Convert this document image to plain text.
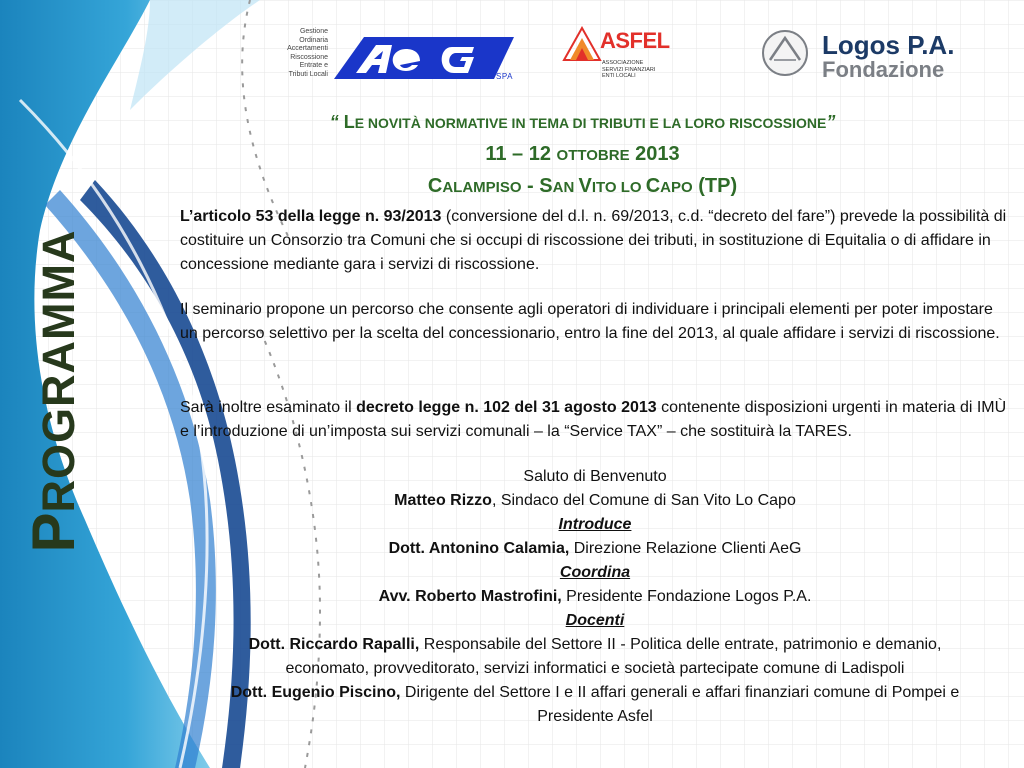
Gestione
Ordinaria
Accertamenti
Riscossione
Entrate e
Tributi Locali	SPA
ASFEL
ASSOCIAZIONE
SERVIZI FINANZIARI
ENTI LOCALI
Logos P.A.
Fondazione
PROGRAMMA
“ LE NOVITÀ NORMATIVE IN TEMA DI TRIBUTI E LA LORO RISCOSSIONE”
11 – 12 OTTOBRE 2013
CALAMPISO - SAN VITO LO CAPO (TP)
L’articolo 53 della legge n. 93/2013 (conversione del d.l. n. 69/2013, c.d. “decreto del fare”) prevede la possibilità di costituire un Consorzio tra Comuni che si occupi di riscossione dei tributi, in sostituzione di Equitalia o di affidare in concessione mediante gara i servizi di riscossione.
Il seminario propone un percorso che consente agli operatori di individuare i principali elementi per poter impostare un percorso selettivo per la scelta del concessionario, entro la fine del 2013, al quale affidare i servizi di riscossione.
Sarà inoltre esaminato il decreto legge n. 102 del 31 agosto 2013 contenente disposizioni urgenti in materia di IMÙ e l’introduzione di un’imposta sui servizi comunali – la “Service TAX” – che sostituirà la TARES.
Saluto di Benvenuto
Matteo Rizzo, Sindaco del Comune di San Vito Lo Capo
Introduce
Dott. Antonino Calamia, Direzione Relazione Clienti AeG
Coordina
Avv. Roberto Mastrofini, Presidente Fondazione Logos P.A.
Docenti
Dott. Riccardo Rapalli, Responsabile del Settore II - Politica delle entrate, patrimonio e demanio,
economato, provveditorato, servizi informatici e società partecipate comune di Ladispoli
Dott. Eugenio Piscino, Dirigente del Settore I e II affari generali e affari finanziari comune di Pompei e
Presidente Asfel
